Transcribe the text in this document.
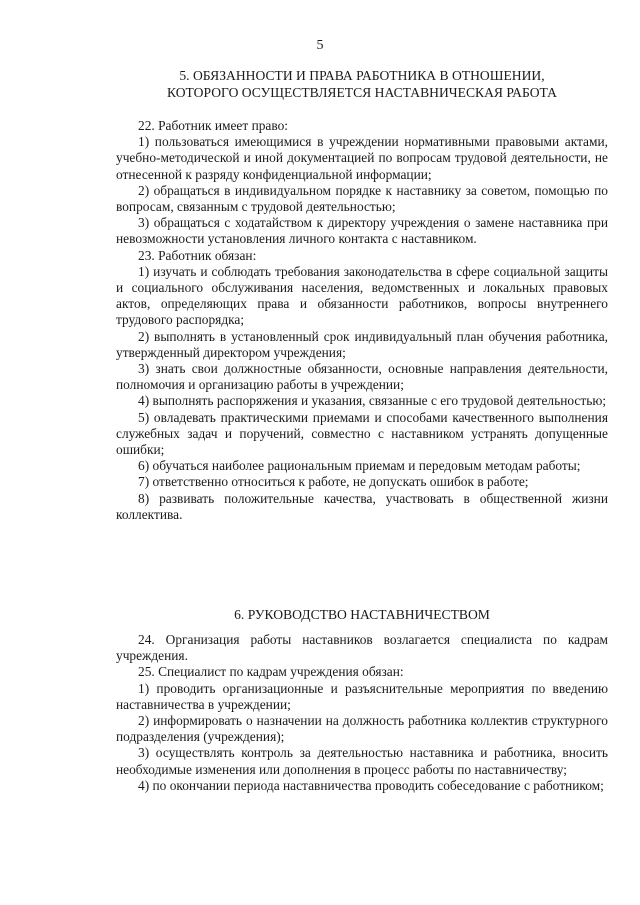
5
5. ОБЯЗАННОСТИ И ПРАВА РАБОТНИКА В ОТНОШЕНИИ,
КОТОРОГО ОСУЩЕСТВЛЯЕТСЯ НАСТАВНИЧЕСКАЯ РАБОТА

22. Работник имеет право:

1) пользоваться имеющимися в учреждении нормативными правовыми актами, учебно-методической и иной документацией по вопросам трудовой деятельности, не отнесенной к разряду конфиденциальной информации;

2) обращаться в индивидуальном порядке к наставнику за советом, помощью по вопросам, связанным с трудовой деятельностью;

3) обращаться с ходатайством к директору учреждения о замене наставника при невозможности установления личного контакта с наставником.

23. Работник обязан:

1) изучать и соблюдать требования законодательства в сфере социальной защиты и социального обслуживания населения, ведомственных и локальных правовых актов, определяющих права и обязанности работников, вопросы внутреннего трудового распорядка;

2) выполнять в установленный срок индивидуальный план обучения работника, утвержденный директором учреждения;

3) знать свои должностные обязанности, основные направления деятельности, полномочия и организацию работы в учреждении;

4) выполнять распоряжения и указания, связанные с его трудовой деятельностью;

5) овладевать практическими приемами и способами качественного выполнения служебных задач и поручений, совместно с наставником устранять допущенные ошибки;

6) обучаться наиболее рациональным приемам и передовым методам работы;

7) ответственно относиться к работе, не допускать ошибок в работе;

8) развивать положительные качества, участвовать в общественной жизни коллектива.

6. РУКОВОДСТВО НАСТАВНИЧЕСТВОМ

24. Организация работы наставников возлагается специалиста по кадрам учреждения.

25. Специалист по кадрам учреждения обязан:

1) проводить организационные и разъяснительные мероприятия по введению наставничества в учреждении;

2) информировать о назначении на должность работника коллектив структурного подразделения (учреждения);

3) осуществлять контроль за деятельностью наставника и работника, вносить необходимые изменения или дополнения в процесс работы по наставничеству;

4) по окончании периода наставничества проводить собеседование с работником;
